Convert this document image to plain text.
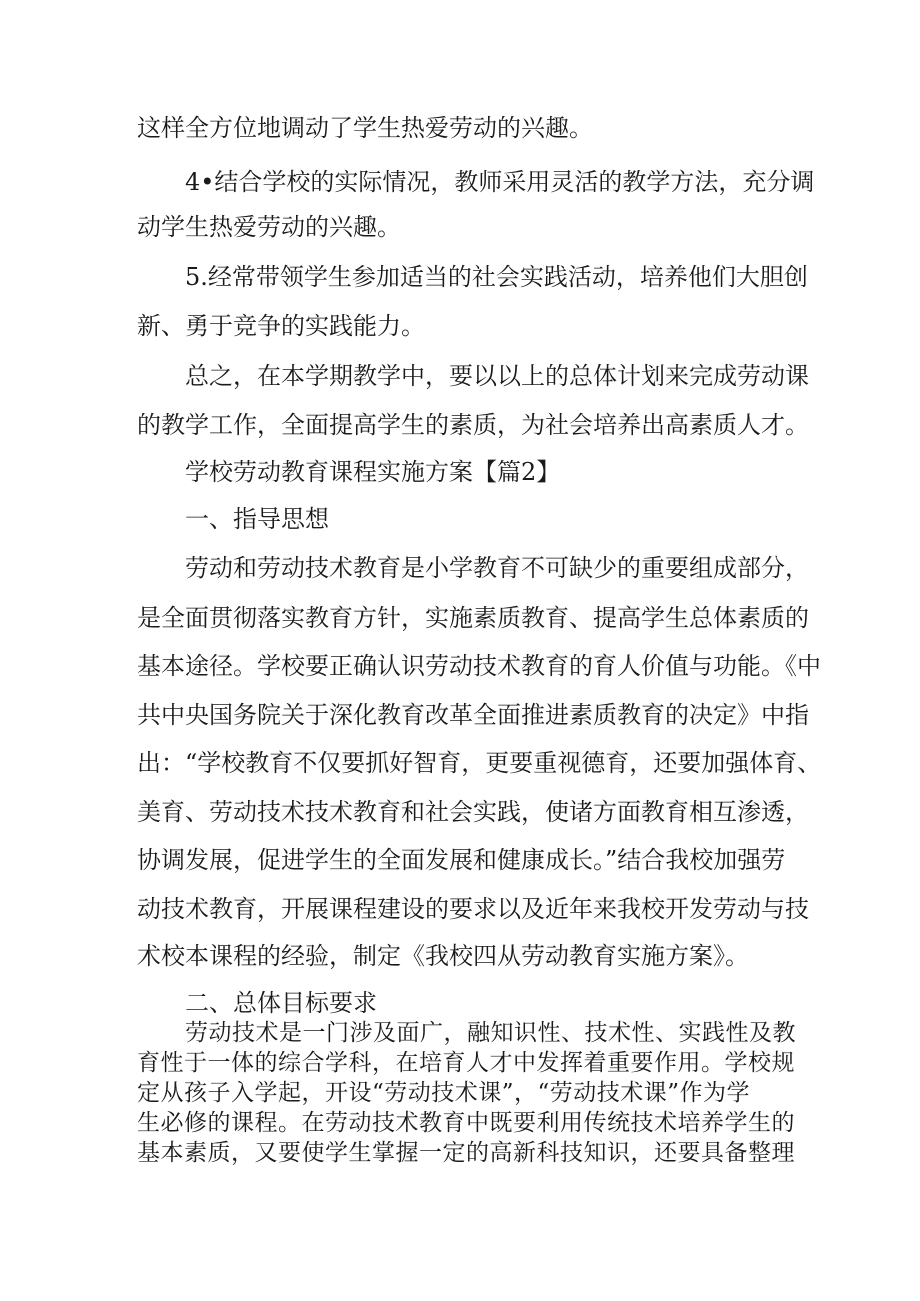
这样全方位地调动了学生热爱劳动的兴趣。
4•结合学校的实际情况，教师采用灵活的教学方法，充分调
动学生热爱劳动的兴趣。
5.经常带领学生参加适当的社会实践活动，培养他们大胆创
新、勇于竞争的实践能力。
总之，在本学期教学中，要以以上的总体计划来完成劳动课
的教学工作，全面提高学生的素质，为社会培养出高素质人才。
学校劳动教育课程实施方案【篇2】
一、指导思想
劳动和劳动技术教育是小学教育不可缺少的重要组成部分，
是全面贯彻落实教育方针，实施素质教育、提高学生总体素质的
基本途径。学校要正确认识劳动技术教育的育人价值与功能。《中
共中央国务院关于深化教育改革全面推进素质教育的决定》中指
出：“学校教育不仅要抓好智育，更要重视德育，还要加强体育、
美育、劳动技术技术教育和社会实践，使诸方面教育相互渗透，
协调发展，促进学生的全面发展和健康成长。”结合我校加强劳
动技术教育，开展课程建设的要求以及近年来我校开发劳动与技
术校本课程的经验，制定《我校四从劳动教育实施方案》。
二、总体目标要求
劳动技术是一门涉及面广，融知识性、技术性、实践性及教
育性于一体的综合学科，在培育人才中发挥着重要作用。学校规
定从孩子入学起，开设“劳动技术课”，“劳动技术课”作为学
生必修的课程。在劳动技术教育中既要利用传统技术培养学生的
基本素质，又要使学生掌握一定的高新科技知识，还要具备整理
